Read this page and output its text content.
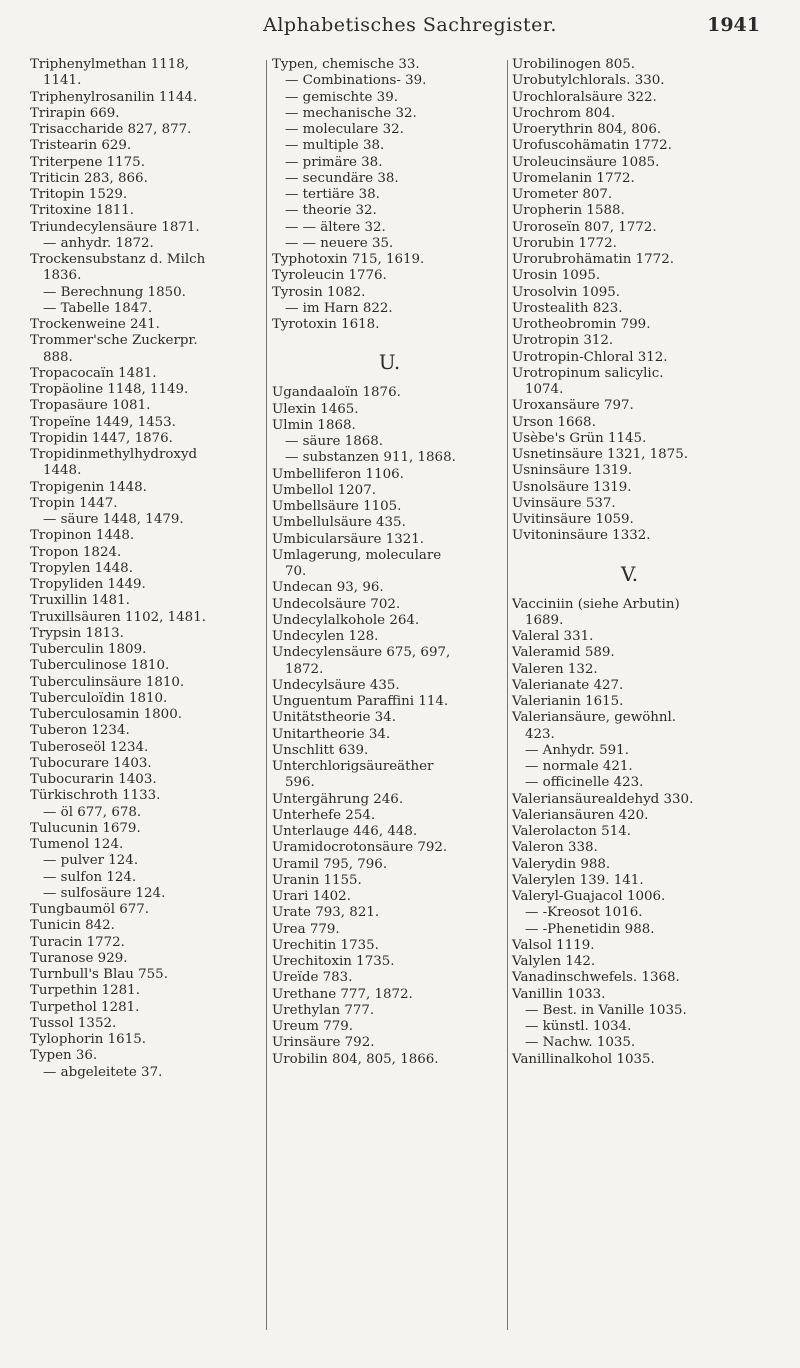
Alphabetisches Sachregister.	1941
Triphenylmethan 1118,
1141.
Triphenylrosanilin 1144.
Trirapin 669.
Trisaccharide 827, 877.
Tristearin 629.
Triterpene 1175.
Triticin 283, 866.
Tritopin 1529.
Tritoxine 1811.
Triundecylensäure 1871.
— anhydr. 1872.
Trockensubstanz d. Milch
1836.
— Berechnung 1850.
— Tabelle 1847.
Trockenweine 241.
Trommer'sche Zuckerpr.
888.
Tropacocaïn 1481.
Tropäoline 1148, 1149.
Tropasäure 1081.
Tropeïne 1449, 1453.
Tropidin 1447, 1876.
Tropidinmethylhydroxyd
1448.
Tropigenin 1448.
Tropin 1447.
— säure 1448, 1479.
Tropinon 1448.
Tropon 1824.
Tropylen 1448.
Tropyliden 1449.
Truxillin 1481.
Truxillsäuren 1102, 1481.
Trypsin 1813.
Tuberculin 1809.
Tuberculinose 1810.
Tuberculinsäure 1810.
Tuberculoïdin 1810.
Tuberculosamin 1800.
Tuberon 1234.
Tuberoseöl 1234.
Tubocurare 1403.
Tubocurarin 1403.
Türkischroth 1133.
— öl 677, 678.
Tulucunin 1679.
Tumenol 124.
— pulver 124.
— sulfon 124.
— sulfosäure 124.
Tungbaumöl 677.
Tunicin 842.
Turacin 1772.
Turanose 929.
Turnbull's Blau 755.
Turpethin 1281.
Turpethol 1281.
Tussol 1352.
Tylophorin 1615.
Typen 36.
— abgeleitete 37.
Typen, chemische 33.
— Combinations- 39.
— gemischte 39.
— mechanische 32.
— moleculare 32.
— multiple 38.
— primäre 38.
— secundäre 38.
— tertiäre 38.
— theorie 32.
— — ältere 32.
— — neuere 35.
Typhotoxin 715, 1619.
Tyroleucin 1776.
Tyrosin 1082.
— im Harn 822.
Tyrotoxin 1618.
U.
Ugandaaloïn 1876.
Ulexin 1465.
Ulmin 1868.
— säure 1868.
— substanzen 911, 1868.
Umbelliferon 1106.
Umbellol 1207.
Umbellsäure 1105.
Umbellulsäure 435.
Umbicularsäure 1321.
Umlagerung, moleculare
70.
Undecan 93, 96.
Undecolsäure 702.
Undecylalkohole 264.
Undecylen 128.
Undecylensäure 675, 697,
1872.
Undecylsäure 435.
Unguentum Paraffini 114.
Unitätstheorie 34.
Unitartheorie 34.
Unschlitt 639.
Unterchlorigsäureäther
596.
Untergährung 246.
Unterhefe 254.
Unterlauge 446, 448.
Uramidocrotonsäure 792.
Uramil 795, 796.
Uranin 1155.
Urari 1402.
Urate 793, 821.
Urea 779.
Urechitin 1735.
Urechitoxin 1735.
Ureïde 783.
Urethane 777, 1872.
Urethylan 777.
Ureum 779.
Urinsäure 792.
Urobilin 804, 805, 1866.
Urobilinogen 805.
Urobutylchlorals. 330.
Urochloralsäure 322.
Urochrom 804.
Uroerythrin 804, 806.
Urofuscohämatin 1772.
Uroleucinsäure 1085.
Uromelanin 1772.
Urometer 807.
Uropherin 1588.
Uroroseïn 807, 1772.
Urorubin 1772.
Urorubrohämatin 1772.
Urosin 1095.
Urosolvin 1095.
Urostealith 823.
Urotheobromin 799.
Urotropin 312.
Urotropin-Chloral 312.
Urotropinum salicylic.
1074.
Uroxansäure 797.
Urson 1668.
Usèbe's Grün 1145.
Usnetinsäure 1321, 1875.
Usninsäure 1319.
Usnolsäure 1319.
Uvinsäure 537.
Uvitinsäure 1059.
Uvitoninsäure 1332.
V.
Vacciniin (siehe Arbutin)
1689.
Valeral 331.
Valeramid 589.
Valeren 132.
Valerianate 427.
Valerianin 1615.
Valeriansäure, gewöhnl.
423.
— Anhydr. 591.
— normale 421.
— officinelle 423.
Valeriansäurealdehyd 330.
Valeriansäuren 420.
Valerolacton 514.
Valeron 338.
Valerydin 988.
Valerylen 139. 141.
Valeryl-Guajacol 1006.
— -Kreosot 1016.
— -Phenetidin 988.
Valsol 1119.
Valylen 142.
Vanadinschwefels. 1368.
Vanillin 1033.
— Best. in Vanille 1035.
— künstl. 1034.
— Nachw. 1035.
Vanillinalkohol 1035.
